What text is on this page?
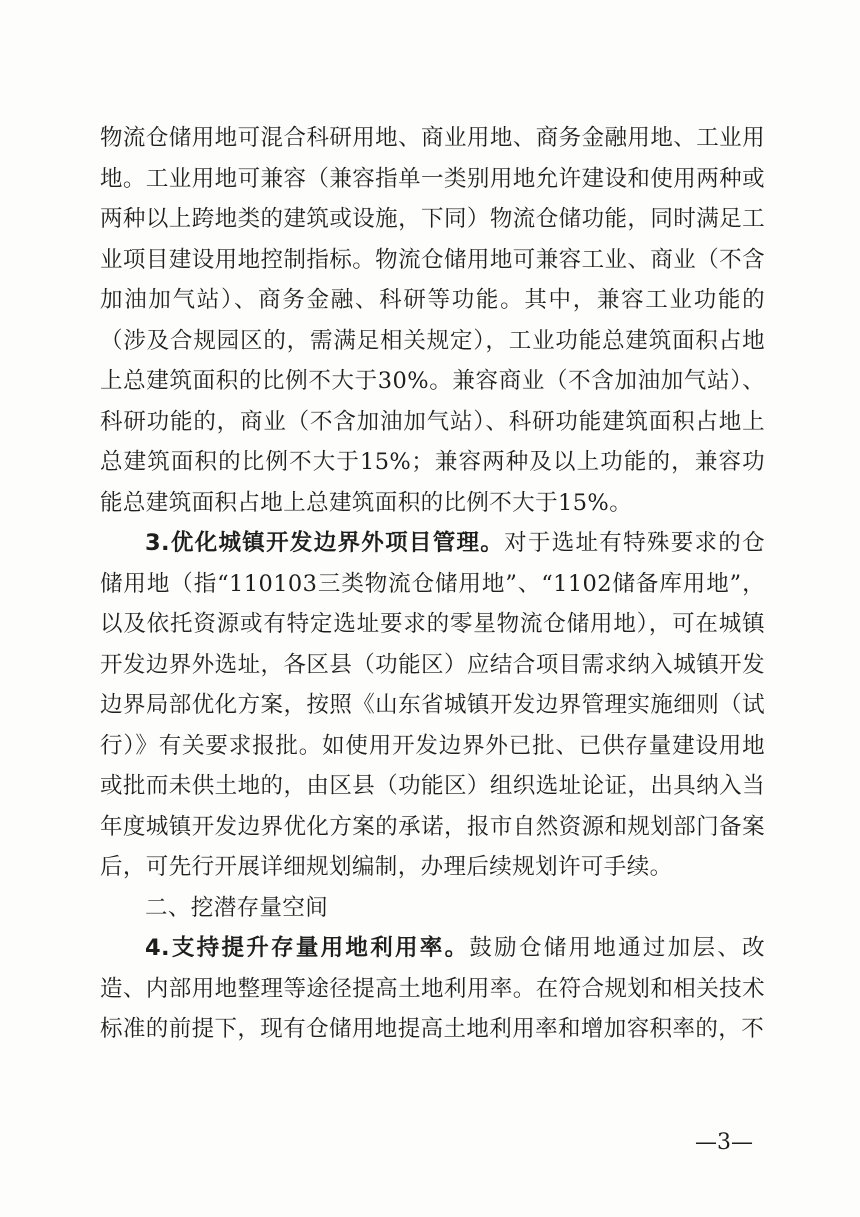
物流仓储用地可混合科研用地、商业用地、商务金融用地、工业用地。工业用地可兼容（兼容指单一类别用地允许建设和使用两种或两种以上跨地类的建筑或设施，下同）物流仓储功能，同时满足工业项目建设用地控制指标。物流仓储用地可兼容工业、商业（不含加油加气站）、商务金融、科研等功能。其中，兼容工业功能的（涉及合规园区的，需满足相关规定），工业功能总建筑面积占地上总建筑面积的比例不大于30%。兼容商业（不含加油加气站）、科研功能的，商业（不含加油加气站）、科研功能建筑面积占地上总建筑面积的比例不大于15%；兼容两种及以上功能的，兼容功能总建筑面积占地上总建筑面积的比例不大于15%。

3.优化城镇开发边界外项目管理。对于选址有特殊要求的仓储用地（指“110103三类物流仓储用地”、“1102储备库用地”，以及依托资源或有特定选址要求的零星物流仓储用地），可在城镇开发边界外选址，各区县（功能区）应结合项目需求纳入城镇开发边界局部优化方案，按照《山东省城镇开发边界管理实施细则（试行）》有关要求报批。如使用开发边界外已批、已供存量建设用地或批而未供土地的，由区县（功能区）组织选址论证，出具纳入当年度城镇开发边界优化方案的承诺，报市自然资源和规划部门备案后，可先行开展详细规划编制，办理后续规划许可手续。

二、挖潜存量空间

4.支持提升存量用地利用率。鼓励仓储用地通过加层、改造、内部用地整理等途径提高土地利用率。在符合规划和相关技术标准的前提下，现有仓储用地提高土地利用率和增加容积率的，不

—3—
